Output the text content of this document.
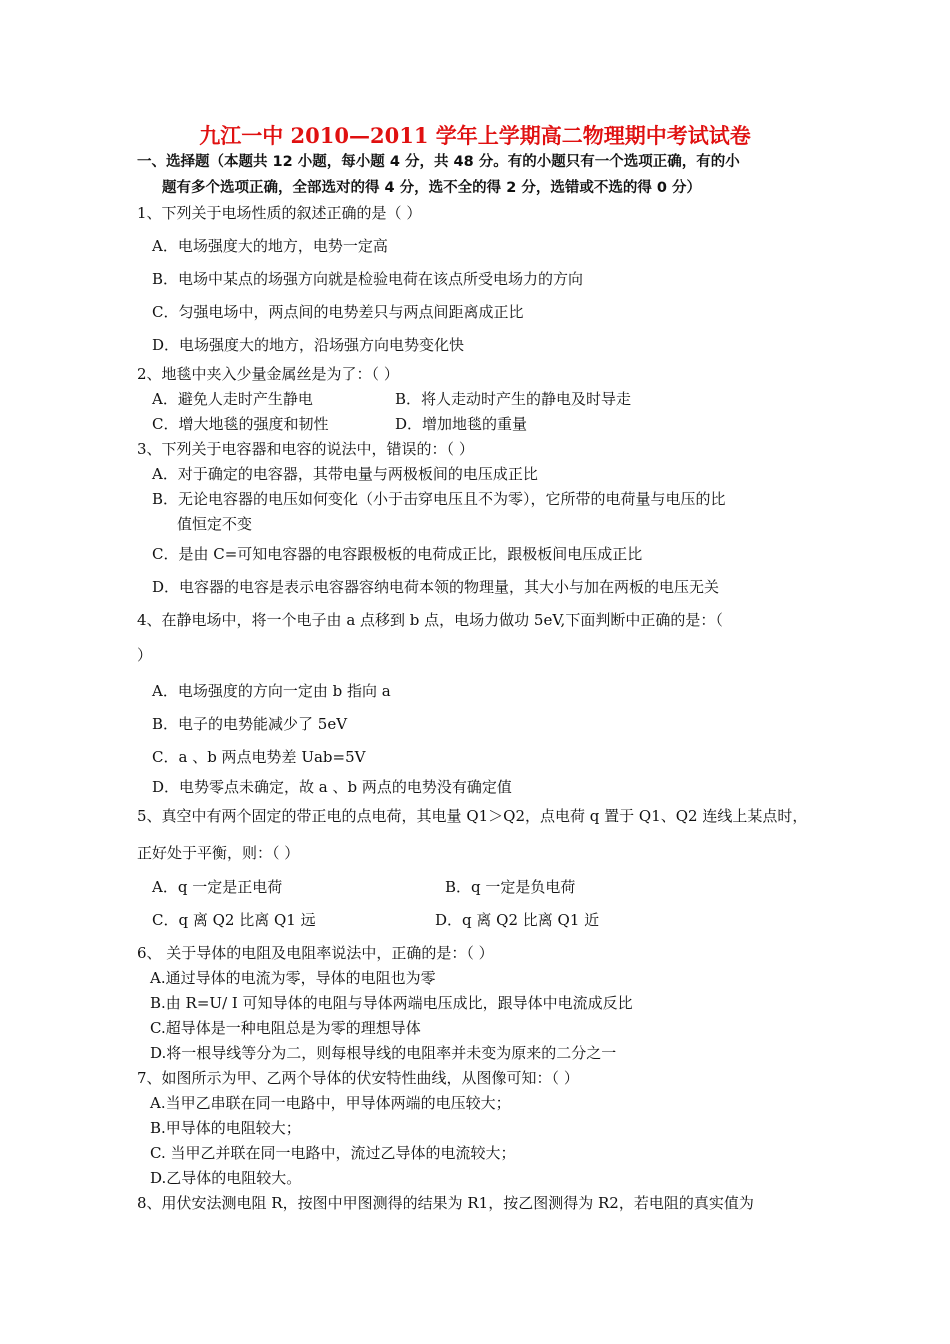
九江一中 2010—2011 学年上学期高二物理期中考试试卷
一、选择题（本题共 12 小题，每小题 4 分，共 48 分。有的小题只有一个选项正确，有的小
题有多个选项正确，全部选对的得 4 分，选不全的得 2 分，选错或不选的得 0 分）
1、下列关于电场性质的叙述正确的是（ ）
A．电场强度大的地方，电势一定高
B．电场中某点的场强方向就是检验电荷在该点所受电场力的方向
C．匀强电场中，两点间的电势差只与两点间距离成正比
D．电场强度大的地方，沿场强方向电势变化快
2、地毯中夹入少量金属丝是为了：（ ）
A．避免人走时产生静电	B．将人走动时产生的静电及时导走
C．增大地毯的强度和韧性	D．增加地毯的重量
3、下列关于电容器和电容的说法中，错误的：（ ）
A．对于确定的电容器，其带电量与两极板间的电压成正比
B．无论电容器的电压如何变化（小于击穿电压且不为零），它所带的电荷量与电压的比
值恒定不变
C．是由 C=可知电容器的电容跟极板的电荷成正比，跟极板间电压成正比
D．电容器的电容是表示电容器容纳电荷本领的物理量，其大小与加在两板的电压无关
4、在静电场中，将一个电子由 a 点移到 b 点，电场力做功 5eV,下面判断中正确的是：（
）
A．电场强度的方向一定由 b 指向 a
B．电子的电势能减少了 5eV
C．a 、b 两点电势差 Uab=5V
D．电势零点未确定，故 a 、b 两点的电势没有确定值
5、真空中有两个固定的带正电的点电荷，其电量 Q1＞Q2，点电荷 q 置于 Q1、Q2 连线上某点时，
正好处于平衡，则：（ ）
A．q 一定是正电荷	B．q 一定是负电荷
C．q 离 Q2 比离 Q1 远	D．q 离 Q2 比离 Q1 近
6、 关于导体的电阻及电阻率说法中，正确的是：（ ）
A.通过导体的电流为零，导体的电阻也为零
B.由 R=U/ I 可知导体的电阻与导体两端电压成比，跟导体中电流成反比
C.超导体是一种电阻总是为零的理想导体
D.将一根导线等分为二，则每根导线的电阻率并未变为原来的二分之一
7、如图所示为甲、乙两个导体的伏安特性曲线，从图像可知：（ ）
A.当甲乙串联在同一电路中，甲导体两端的电压较大；
B.甲导体的电阻较大；
C. 当甲乙并联在同一电路中，流过乙导体的电流较大；
D.乙导体的电阻较大。
8、用伏安法测电阻 R，按图中甲图测得的结果为 R1，按乙图测得为 R2，若电阻的真实值为
